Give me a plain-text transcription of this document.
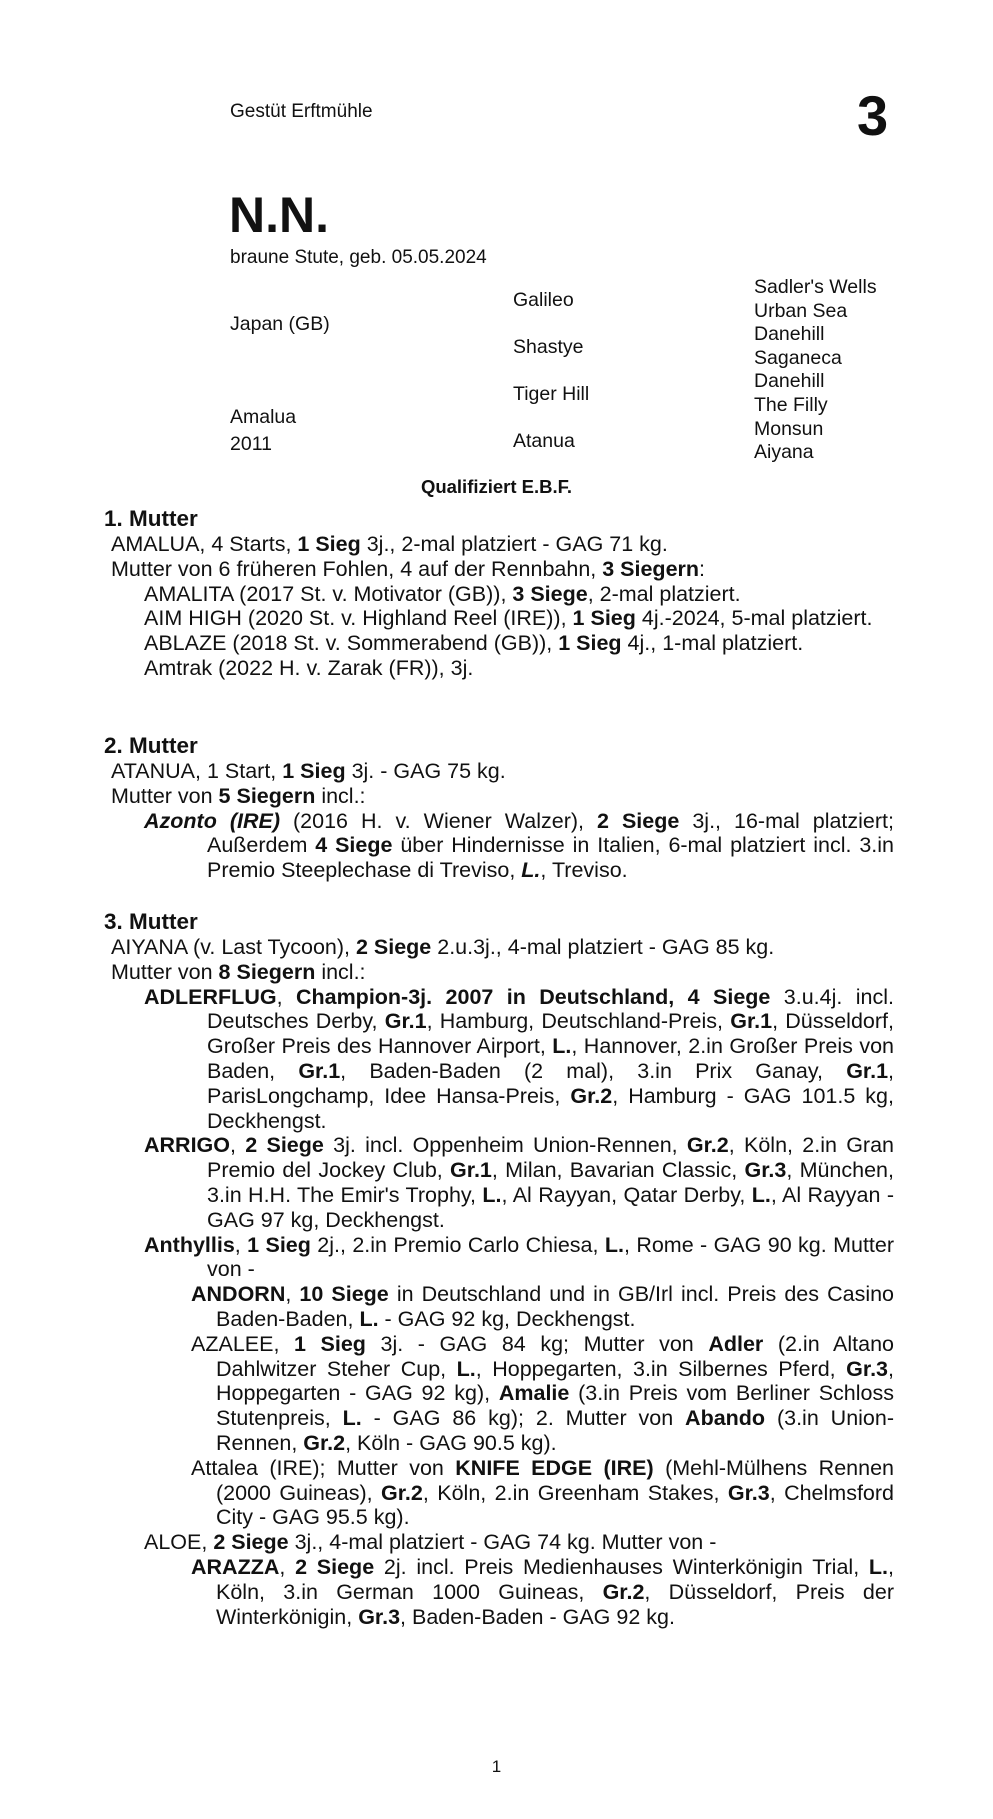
Gestüt Erftmühle	3
N.N.
braune Stute, geb. 05.05.2024
Japan (GB)
Amalua
2011
Galileo
Shastye
Tiger Hill
Atanua
Sadler's Wells
Urban Sea
Danehill
Saganeca
Danehill
The Filly
Monsun
Aiyana
Qualifiziert E.B.F.
1. Mutter
AMALUA, 4 Starts, 1 Sieg 3j., 2-mal platziert - GAG 71 kg.
Mutter von 6 früheren Fohlen, 4 auf der Rennbahn, 3 Siegern:
AMALITA (2017 St. v. Motivator (GB)), 3 Siege, 2-mal platziert.
AIM HIGH (2020 St. v. Highland Reel (IRE)), 1 Sieg 4j.-2024, 5-mal platziert.
ABLAZE (2018 St. v. Sommerabend (GB)), 1 Sieg 4j., 1-mal platziert.
Amtrak (2022 H. v. Zarak (FR)), 3j.
2. Mutter
ATANUA, 1 Start, 1 Sieg 3j. - GAG 75 kg.
Mutter von 5 Siegern incl.:
Azonto (IRE) (2016 H. v. Wiener Walzer), 2 Siege 3j., 16-mal platziert; Außerdem 4 Siege über Hindernisse in Italien, 6-mal platziert incl. 3.in Premio Steeplechase di Treviso, L., Treviso.
3. Mutter
AIYANA (v. Last Tycoon), 2 Siege 2.u.3j., 4-mal platziert - GAG 85 kg.
Mutter von 8 Siegern incl.:
ADLERFLUG, Champion-3j. 2007 in Deutschland, 4 Siege 3.u.4j. incl. Deutsches Derby, Gr.1, Hamburg, Deutschland-Preis, Gr.1, Düsseldorf, Großer Preis des Hannover Airport, L., Hannover, 2.in Großer Preis von Baden, Gr.1, Baden-Baden (2 mal), 3.in Prix Ganay, Gr.1, ParisLongchamp, Idee Hansa-Preis, Gr.2, Hamburg - GAG 101.5 kg, Deckhengst.
ARRIGO, 2 Siege 3j. incl. Oppenheim Union-Rennen, Gr.2, Köln, 2.in Gran Premio del Jockey Club, Gr.1, Milan, Bavarian Classic, Gr.3, München, 3.in H.H. The Emir's Trophy, L., Al Rayyan, Qatar Derby, L., Al Rayyan - GAG 97 kg, Deckhengst.
Anthyllis, 1 Sieg 2j., 2.in Premio Carlo Chiesa, L., Rome - GAG 90 kg. Mutter von -
ANDORN, 10 Siege in Deutschland und in GB/Irl incl. Preis des Casino Baden-Baden, L. - GAG 92 kg, Deckhengst.
AZALEE, 1 Sieg 3j. - GAG 84 kg; Mutter von Adler (2.in Altano Dahlwitzer Steher Cup, L., Hoppegarten, 3.in Silbernes Pferd, Gr.3, Hoppegarten - GAG 92 kg), Amalie (3.in Preis vom Berliner Schloss Stutenpreis, L. - GAG 86 kg); 2. Mutter von Abando (3.in Union-Rennen, Gr.2, Köln - GAG 90.5 kg).
Attalea (IRE); Mutter von KNIFE EDGE (IRE) (Mehl-Mülhens Rennen (2000 Guineas), Gr.2, Köln, 2.in Greenham Stakes, Gr.3, Chelmsford City - GAG 95.5 kg).
ALOE, 2 Siege 3j., 4-mal platziert - GAG 74 kg. Mutter von -
ARAZZA, 2 Siege 2j. incl. Preis Medienhauses Winterkönigin Trial, L., Köln, 3.in German 1000 Guineas, Gr.2, Düsseldorf, Preis der Winterkönigin, Gr.3, Baden-Baden - GAG 92 kg.
1
